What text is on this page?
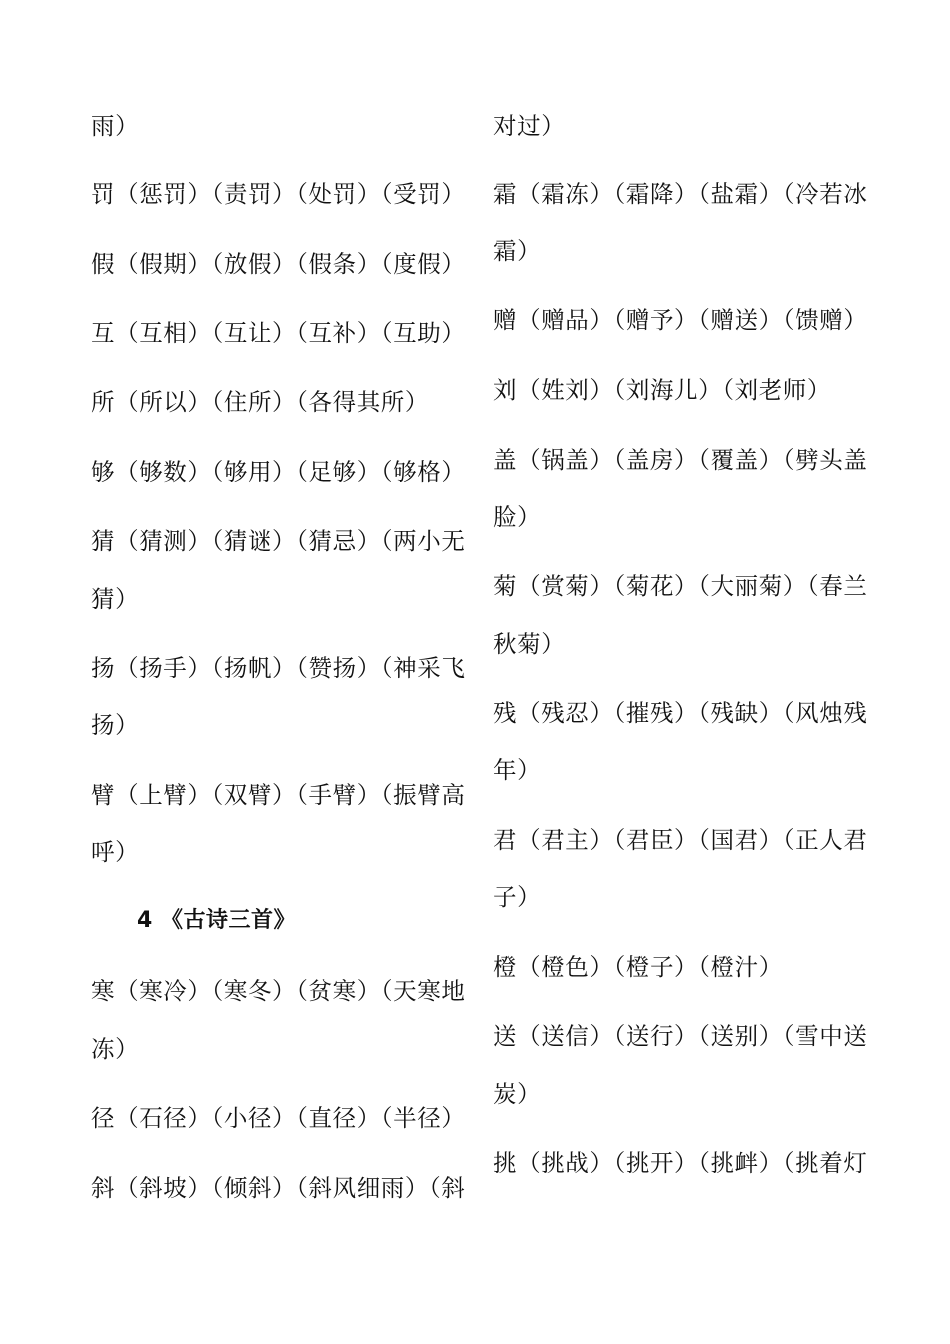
雨）
罚（惩罚）（责罚）（处罚）（受罚）
假（假期）（放假）（假条）（度假）
互（互相）（互让）（互补）（互助）
所（所以）（住所）（各得其所）
够（够数）（够用）（足够）（够格）
猜（猜测）（猜谜）（猜忌）（两小无
猜）
扬（扬手）（扬帆）（赞扬）（神采飞
扬）
臂（上臂）（双臂）（手臂）（振臂高
呼）
4 《古诗三首》
寒（寒冷）（寒冬）（贫寒）（天寒地
冻）
径（石径）（小径）（直径）（半径）
斜（斜坡）（倾斜）（斜风细雨）（斜
对过）
霜（霜冻）（霜降）（盐霜）（冷若冰
霜）
赠（赠品）（赠予）（赠送）（馈赠）
刘（姓刘）（刘海儿）（刘老师）
盖（锅盖）（盖房）（覆盖）（劈头盖
脸）
菊（赏菊）（菊花）（大丽菊）（春兰
秋菊）
残（残忍）（摧残）（残缺）（风烛残
年）
君（君主）（君臣）（国君）（正人君
子）
橙（橙色）（橙子）（橙汁）
送（送信）（送行）（送别）（雪中送
炭）
挑（挑战）（挑开）（挑衅）（挑着灯
